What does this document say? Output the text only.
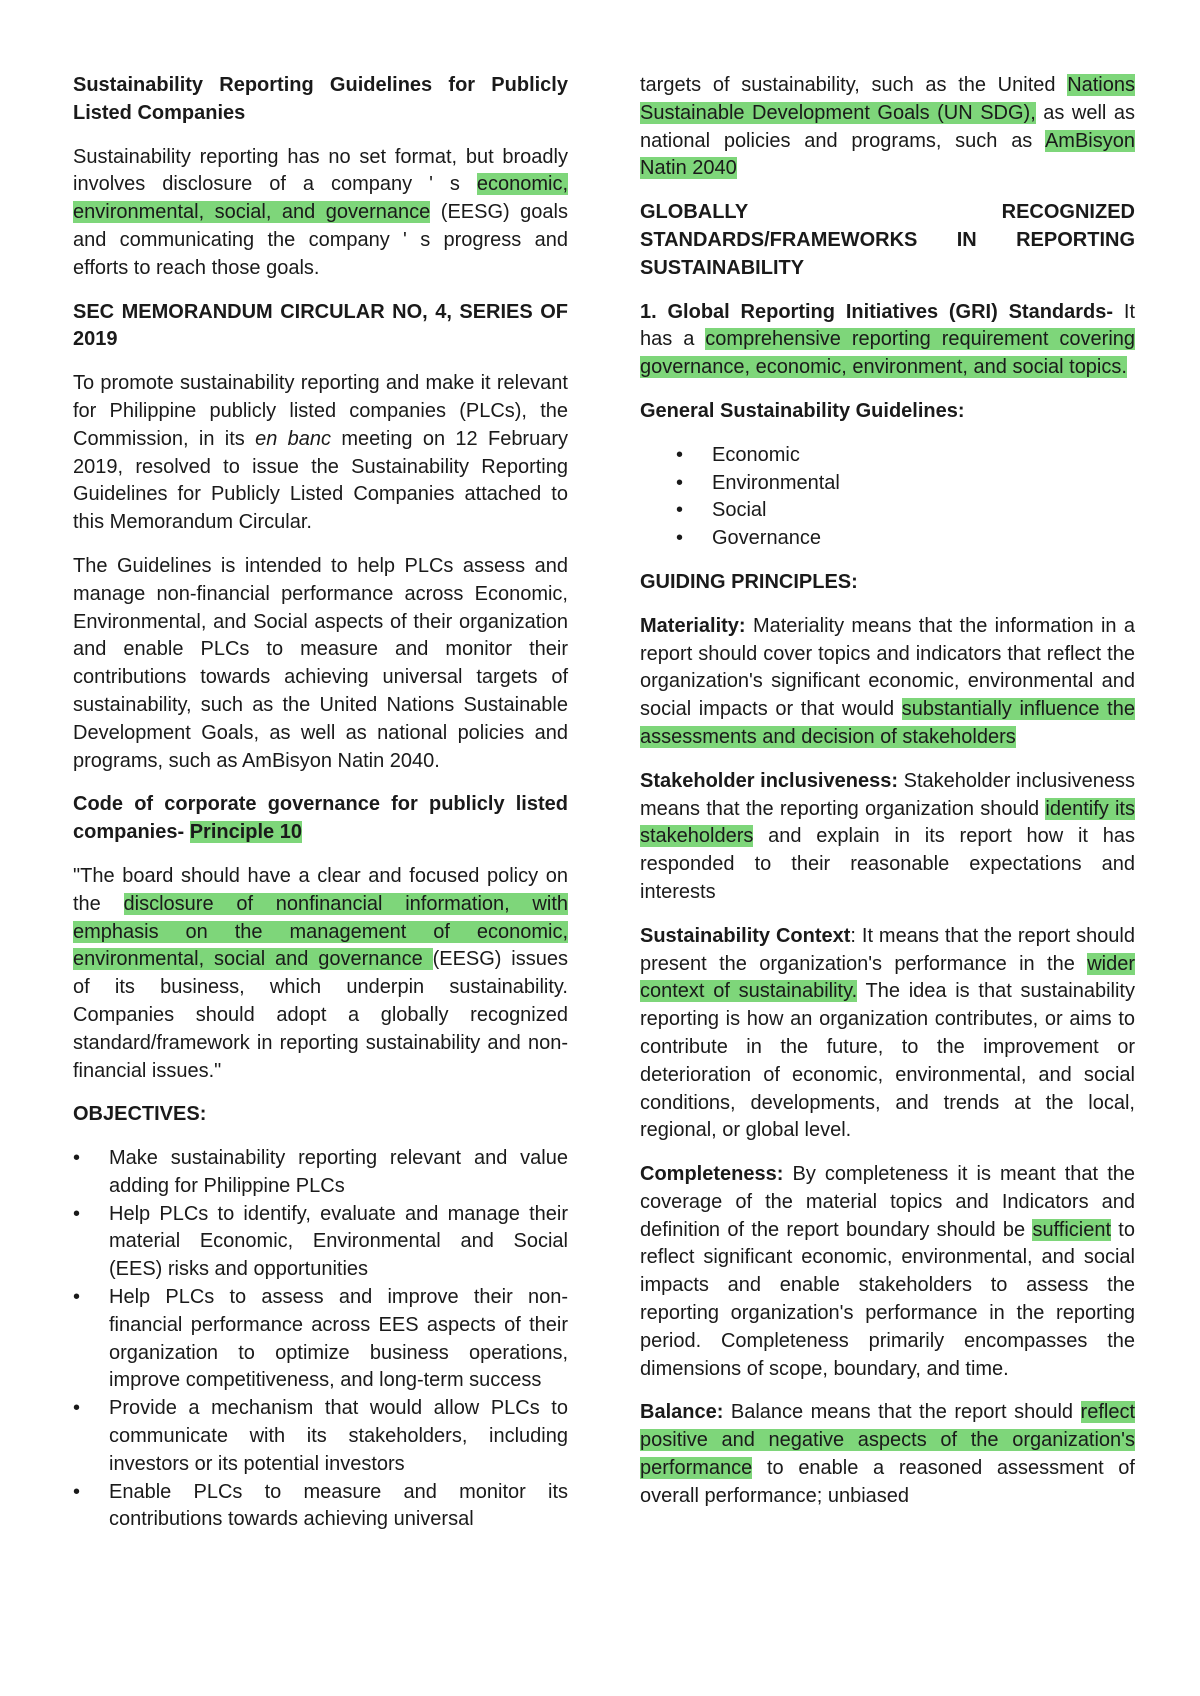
Sustainability Reporting Guidelines for Publicly Listed Companies

Sustainability reporting has no set format, but broadly involves disclosure of a company ' s economic, environmental, social, and governance (EESG) goals and communicating the company ' s progress and efforts to reach those goals.

SEC MEMORANDUM CIRCULAR NO, 4, SERIES OF 2019

To promote sustainability reporting and make it relevant for Philippine publicly listed companies (PLCs), the Commission, in its en banc meeting on 12 February 2019, resolved to issue the Sustainability Reporting Guidelines for Publicly Listed Companies attached to this Memorandum Circular.

The Guidelines is intended to help PLCs assess and manage non-financial performance across Economic, Environmental, and Social aspects of their organization and enable PLCs to measure and monitor their contributions towards achieving universal targets of sustainability, such as the United Nations Sustainable Development Goals, as well as national policies and programs, such as AmBisyon Natin 2040.

Code of corporate governance for publicly listed companies- Principle 10

"The board should have a clear and focused policy on the disclosure of nonfinancial information, with emphasis on the management of economic, environmental, social and governance (EESG) issues of its business, which underpin sustainability. Companies should adopt a globally recognized standard/framework in reporting sustainability and non-financial issues."

OBJECTIVES:

• Make sustainability reporting relevant and value adding for Philippine PLCs
• Help PLCs to identify, evaluate and manage their material Economic, Environmental and Social (EES) risks and opportunities
• Help PLCs to assess and improve their non-financial performance across EES aspects of their organization to optimize business operations, improve competitiveness, and long-term success
• Provide a mechanism that would allow PLCs to communicate with its stakeholders, including investors or its potential investors
• Enable PLCs to measure and monitor its contributions towards achieving universal

targets of sustainability, such as the United Nations Sustainable Development Goals (UN SDG), as well as national policies and programs, such as AmBisyon Natin 2040

GLOBALLY RECOGNIZED STANDARDS/FRAMEWORKS IN REPORTING SUSTAINABILITY

1. Global Reporting Initiatives (GRI) Standards- It has a comprehensive reporting requirement covering governance, economic, environment, and social topics.

General Sustainability Guidelines:

• Economic
• Environmental
• Social
• Governance

GUIDING PRINCIPLES:

Materiality: Materiality means that the information in a report should cover topics and indicators that reflect the organization's significant economic, environmental and social impacts or that would substantially influence the assessments and decision of stakeholders

Stakeholder inclusiveness: Stakeholder inclusiveness means that the reporting organization should identify its stakeholders and explain in its report how it has responded to their reasonable expectations and interests

Sustainability Context: It means that the report should present the organization's performance in the wider context of sustainability. The idea is that sustainability reporting is how an organization contributes, or aims to contribute in the future, to the improvement or deterioration of economic, environmental, and social conditions, developments, and trends at the local, regional, or global level.

Completeness: By completeness it is meant that the coverage of the material topics and Indicators and definition of the report boundary should be sufficient to reflect significant economic, environmental, and social impacts and enable stakeholders to assess the reporting organization's performance in the reporting period. Completeness primarily encompasses the dimensions of scope, boundary, and time.

Balance: Balance means that the report should reflect positive and negative aspects of the organization's performance to enable a reasoned assessment of overall performance; unbiased
